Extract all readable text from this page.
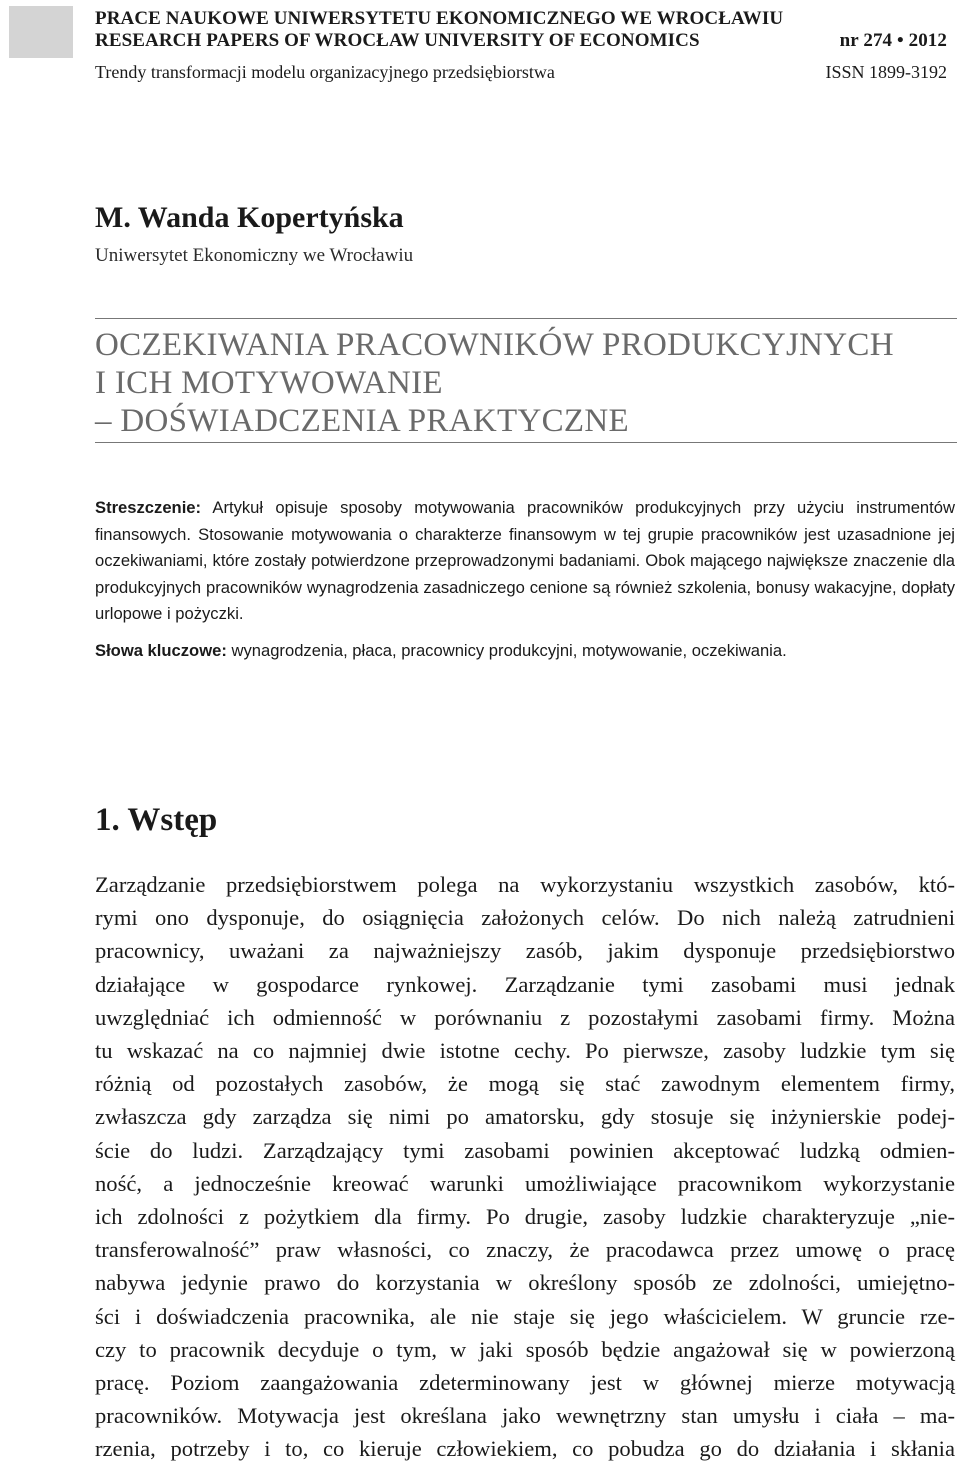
PRACE NAUKOWE UNIWERSYTETU EKONOMICZNEGO WE WROCŁAWIU
RESEARCH PAPERS OF WROCŁAW UNIVERSITY OF ECONOMICS	nr 274 • 2012
Trendy transformacji modelu organizacyjnego przedsiębiorstwa	ISSN 1899-3192
M. Wanda Kopertyńska
Uniwersytet Ekonomiczny we Wrocławiu
OCZEKIWANIA PRACOWNIKÓW PRODUKCYJNYCH
I ICH MOTYWOWANIE
– DOŚWIADCZENIA PRAKTYCZNE

Streszczenie: Artykuł opisuje sposoby motywowania pracowników produkcyjnych przy użyciu instrumentów finansowych. Stosowanie motywowania o charakterze finansowym w tej grupie pracowników jest uzasadnione jej oczekiwaniami, które zostały potwierdzone przeprowadzonymi badaniami. Obok mającego największe znaczenie dla produkcyjnych pracowników wynagrodzenia zasadniczego cenione są również szkolenia, bonusy wakacyjne, dopłaty urlopowe i pożyczki.

Słowa kluczowe: wynagrodzenia, płaca, pracownicy produkcyjni, motywowanie, oczekiwania.

1. Wstęp
Zarządzanie przedsiębiorstwem polega na wykorzystaniu wszystkich zasobów, któ-
rymi ono dysponuje, do osiągnięcia założonych celów. Do nich należą zatrudnieni
pracownicy, uważani za najważniejszy zasób, jakim dysponuje przedsiębiorstwo
działające w gospodarce rynkowej. Zarządzanie tymi zasobami musi jednak
uwzględniać ich odmienność w porównaniu z pozostałymi zasobami firmy. Można
tu wskazać na co najmniej dwie istotne cechy. Po pierwsze, zasoby ludzkie tym się
różnią od pozostałych zasobów, że mogą się stać zawodnym elementem firmy,
zwłaszcza gdy zarządza się nimi po amatorsku, gdy stosuje się inżynierskie podej-
ście do ludzi. Zarządzający tymi zasobami powinien akceptować ludzką odmien-
ność, a jednocześnie kreować warunki umożliwiające pracownikom wykorzystanie
ich zdolności z pożytkiem dla firmy. Po drugie, zasoby ludzkie charakteryzuje „nie-
transferowalność” praw własności, co znaczy, że pracodawca przez umowę o pracę
nabywa jedynie prawo do korzystania w określony sposób ze zdolności, umiejętno-
ści i doświadczenia pracownika, ale nie staje się jego właścicielem. W gruncie rze-
czy to pracownik decyduje o tym, w jaki sposób będzie angażował się w powierzoną
pracę. Poziom zaangażowania zdeterminowany jest w głównej mierze motywacją
pracowników. Motywacja jest określana jako wewnętrzny stan umysłu i ciała – ma-
rzenia, potrzeby i to, co kieruje człowiekiem, co pobudza go do działania i skłania
